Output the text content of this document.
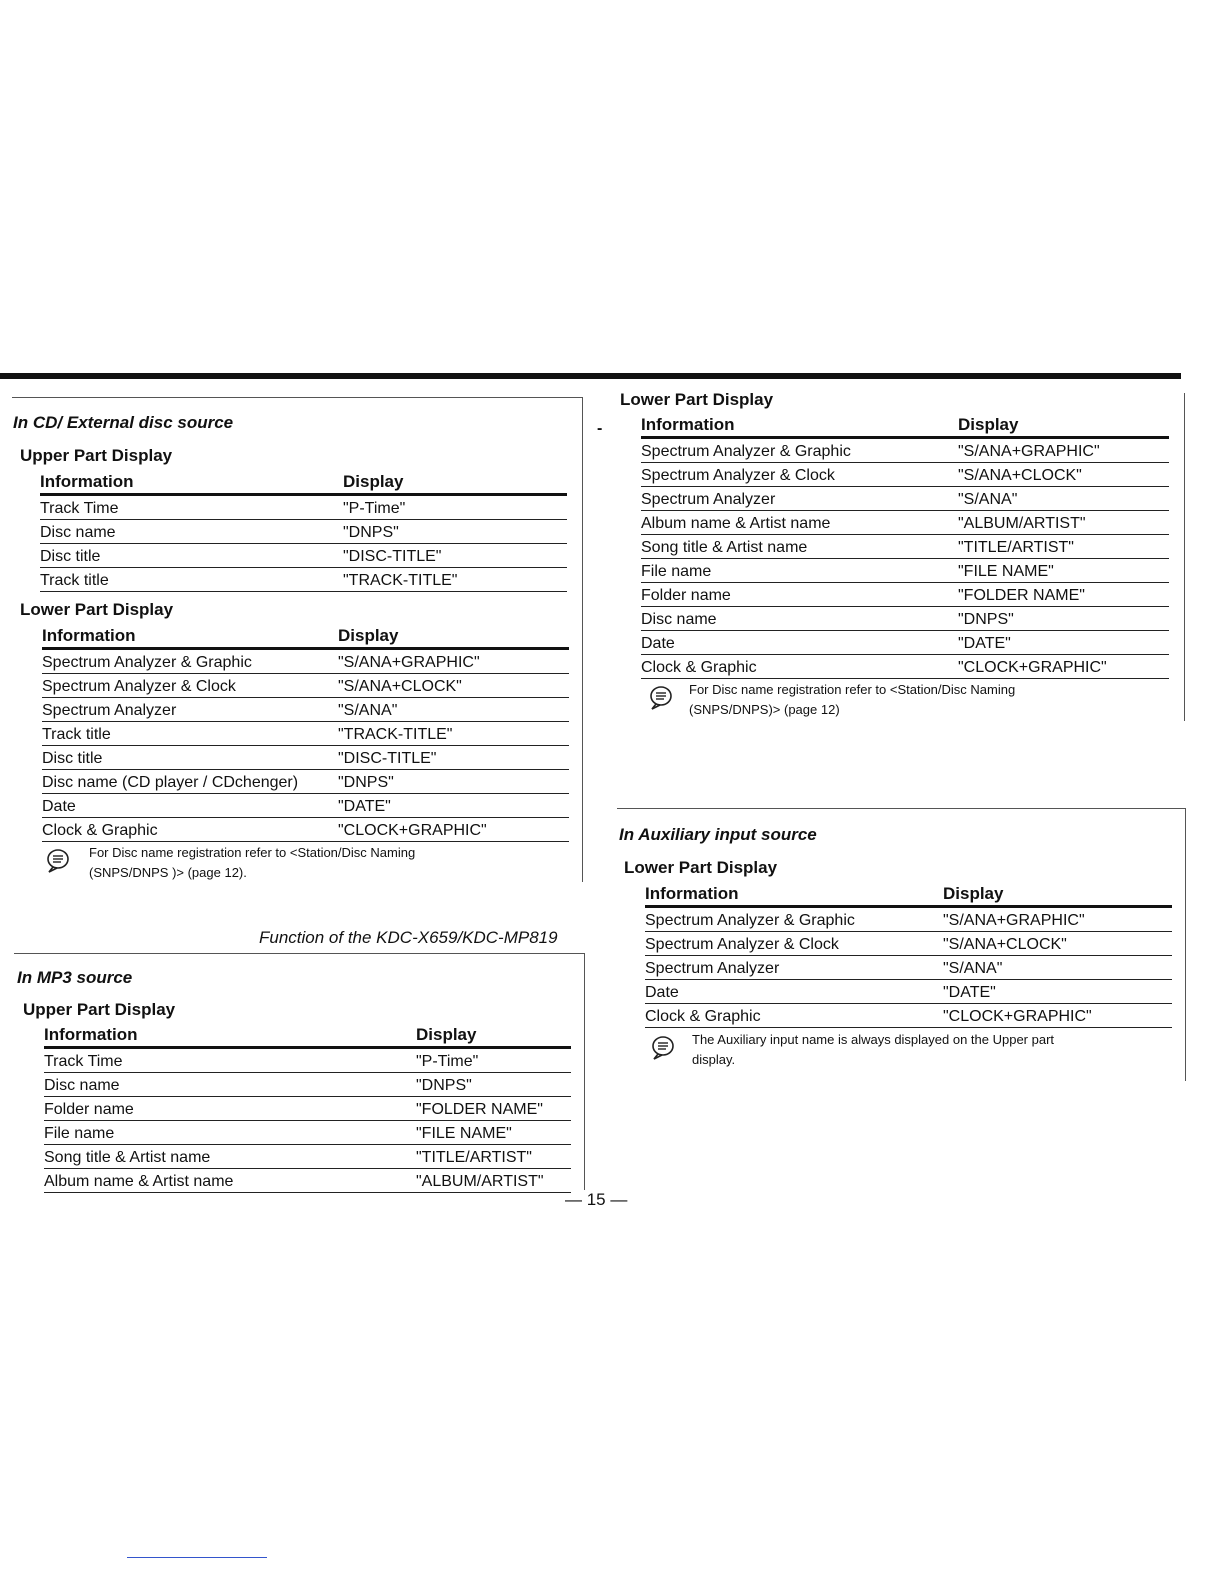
In CD/ External disc source
Upper Part Display
Information	Display
Track Time	"P-Time"
Disc name	"DNPS"
Disc title	"DISC-TITLE"
Track title	"TRACK-TITLE"
Lower Part Display
Information	Display
Spectrum Analyzer & Graphic	"S/ANA+GRAPHIC"
Spectrum Analyzer & Clock	"S/ANA+CLOCK"
Spectrum Analyzer	"S/ANA"
Track title	"TRACK-TITLE"
Disc title	"DISC-TITLE"
Disc name (CD player / CDchenger)	"DNPS"
Date	"DATE"
Clock & Graphic	"CLOCK+GRAPHIC"
For Disc name registration refer to <Station/Disc Naming
(SNPS/DNPS )> (page 12).
Function of the KDC-X659/KDC-MP819
In MP3 source
Upper Part Display
Information	Display
Track Time	"P-Time"
Disc name	"DNPS"
Folder name	"FOLDER NAME"
File name	"FILE NAME"
Song title & Artist name	"TITLE/ARTIST"
Album name & Artist name	"ALBUM/ARTIST"
— 15 —
-
Lower Part Display
Information	Display
Spectrum Analyzer & Graphic	"S/ANA+GRAPHIC"
Spectrum Analyzer & Clock	"S/ANA+CLOCK"
Spectrum Analyzer	"S/ANA"
Album name & Artist name	"ALBUM/ARTIST"
Song title & Artist name	"TITLE/ARTIST"
File name	"FILE NAME"
Folder name	"FOLDER NAME"
Disc name	"DNPS"
Date	"DATE"
Clock & Graphic	"CLOCK+GRAPHIC"
For Disc name registration refer to <Station/Disc Naming
(SNPS/DNPS)> (page 12)
In Auxiliary input source
Lower Part Display
Information	Display
Spectrum Analyzer & Graphic	"S/ANA+GRAPHIC"
Spectrum Analyzer & Clock	"S/ANA+CLOCK"
Spectrum Analyzer	"S/ANA"
Date	"DATE"
Clock & Graphic	"CLOCK+GRAPHIC"
The Auxiliary input name is always displayed on the Upper part
display.
